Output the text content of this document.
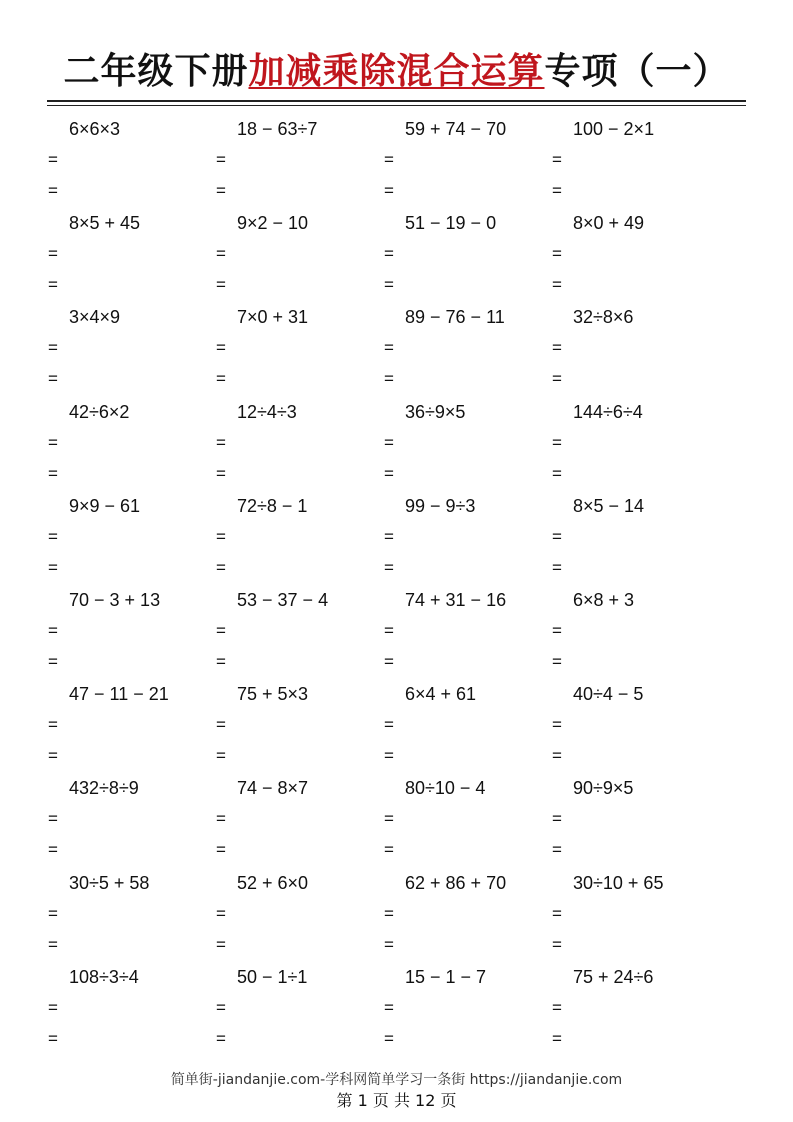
二年级下册加减乘除混合运算专项（一）
6×6×3
=
=
18 − 63÷7
=
=
59 + 74 − 70
=
=
100 − 2×1
=
=
8×5 + 45
=
=
9×2 − 10
=
=
51 − 19 − 0
=
=
8×0 + 49
=
=
3×4×9
=
=
7×0 + 31
=
=
89 − 76 − 11
=
=
32÷8×6
=
=
42÷6×2
=
=
12÷4÷3
=
=
36÷9×5
=
=
144÷6÷4
=
=
9×9 − 61
=
=
72÷8 − 1
=
=
99 − 9÷3
=
=
8×5 − 14
=
=
70 − 3 + 13
=
=
53 − 37 − 4
=
=
74 + 31 − 16
=
=
6×8 + 3
=
=
47 − 11 − 21
=
=
75 + 5×3
=
=
6×4 + 61
=
=
40÷4 − 5
=
=
432÷8÷9
=
=
74 − 8×7
=
=
80÷10 − 4
=
=
90÷9×5
=
=
30÷5 + 58
=
=
52 + 6×0
=
=
62 + 86 + 70
=
=
30÷10 + 65
=
=
108÷3÷4
=
=
50 − 1÷1
=
=
15 − 1 − 7
=
=
75 + 24÷6
=
=
简单街-jiandanjie.com-学科网简单学习一条街 https://jiandanjie.com
第 1 页 共 12 页
